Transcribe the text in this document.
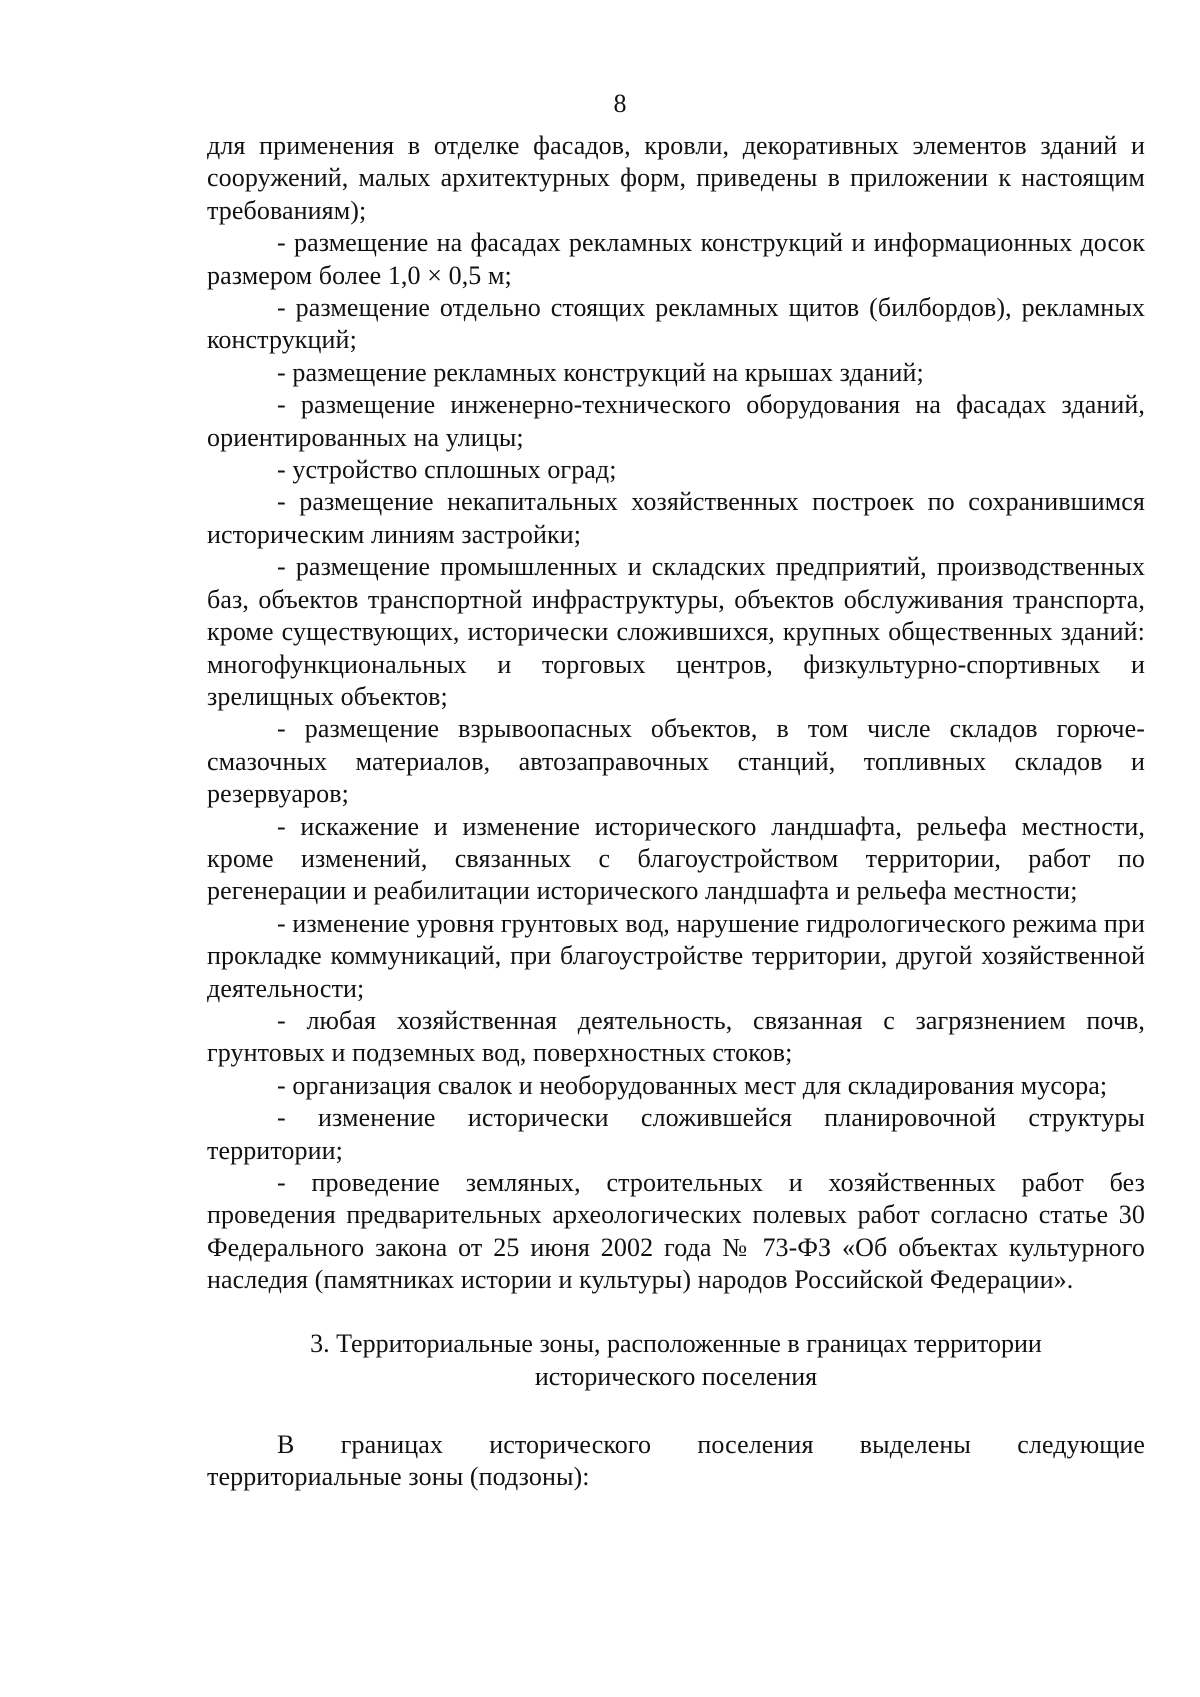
8

для применения в отделке фасадов, кровли, декоративных элементов зданий и сооружений, малых архитектурных форм, приведены в приложении к настоящим требованиям);

- размещение на фасадах рекламных конструкций и информационных досок размером более 1,0 × 0,5 м;

- размещение отдельно стоящих рекламных щитов (билбордов), рекламных конструкций;

- размещение рекламных конструкций на крышах зданий;

- размещение инженерно-технического оборудования на фасадах зданий, ориентированных на улицы;

- устройство сплошных оград;

- размещение некапитальных хозяйственных построек по сохранившимся историческим линиям застройки;

- размещение промышленных и складских предприятий, производственных баз, объектов транспортной инфраструктуры, объектов обслуживания транспорта, кроме существующих, исторически сложившихся, крупных общественных зданий: многофункциональных и торговых центров, физкультурно-спортивных и зрелищных объектов;

- размещение взрывоопасных объектов, в том числе складов горюче-смазочных материалов, автозаправочных станций, топливных складов и резервуаров;

- искажение и изменение исторического ландшафта, рельефа местности, кроме изменений, связанных с благоустройством территории, работ по регенерации и реабилитации исторического ландшафта и рельефа местности;

- изменение уровня грунтовых вод, нарушение гидрологического режима при прокладке коммуникаций, при благоустройстве территории, другой хозяйственной деятельности;

- любая хозяйственная деятельность, связанная с загрязнением почв, грунтовых и подземных вод, поверхностных стоков;

- организация свалок и необорудованных мест для складирования мусора;

- изменение исторически сложившейся планировочной структуры территории;

- проведение земляных, строительных и хозяйственных работ без проведения предварительных археологических полевых работ согласно статье 30 Федерального закона от 25 июня 2002 года № 73-ФЗ «Об объектах культурного наследия (памятниках истории и культуры) народов Российской Федерации».

3. Территориальные зоны, расположенные в границах территории
исторического поселения

В границах исторического поселения выделены следующие территориальные зоны (подзоны):
